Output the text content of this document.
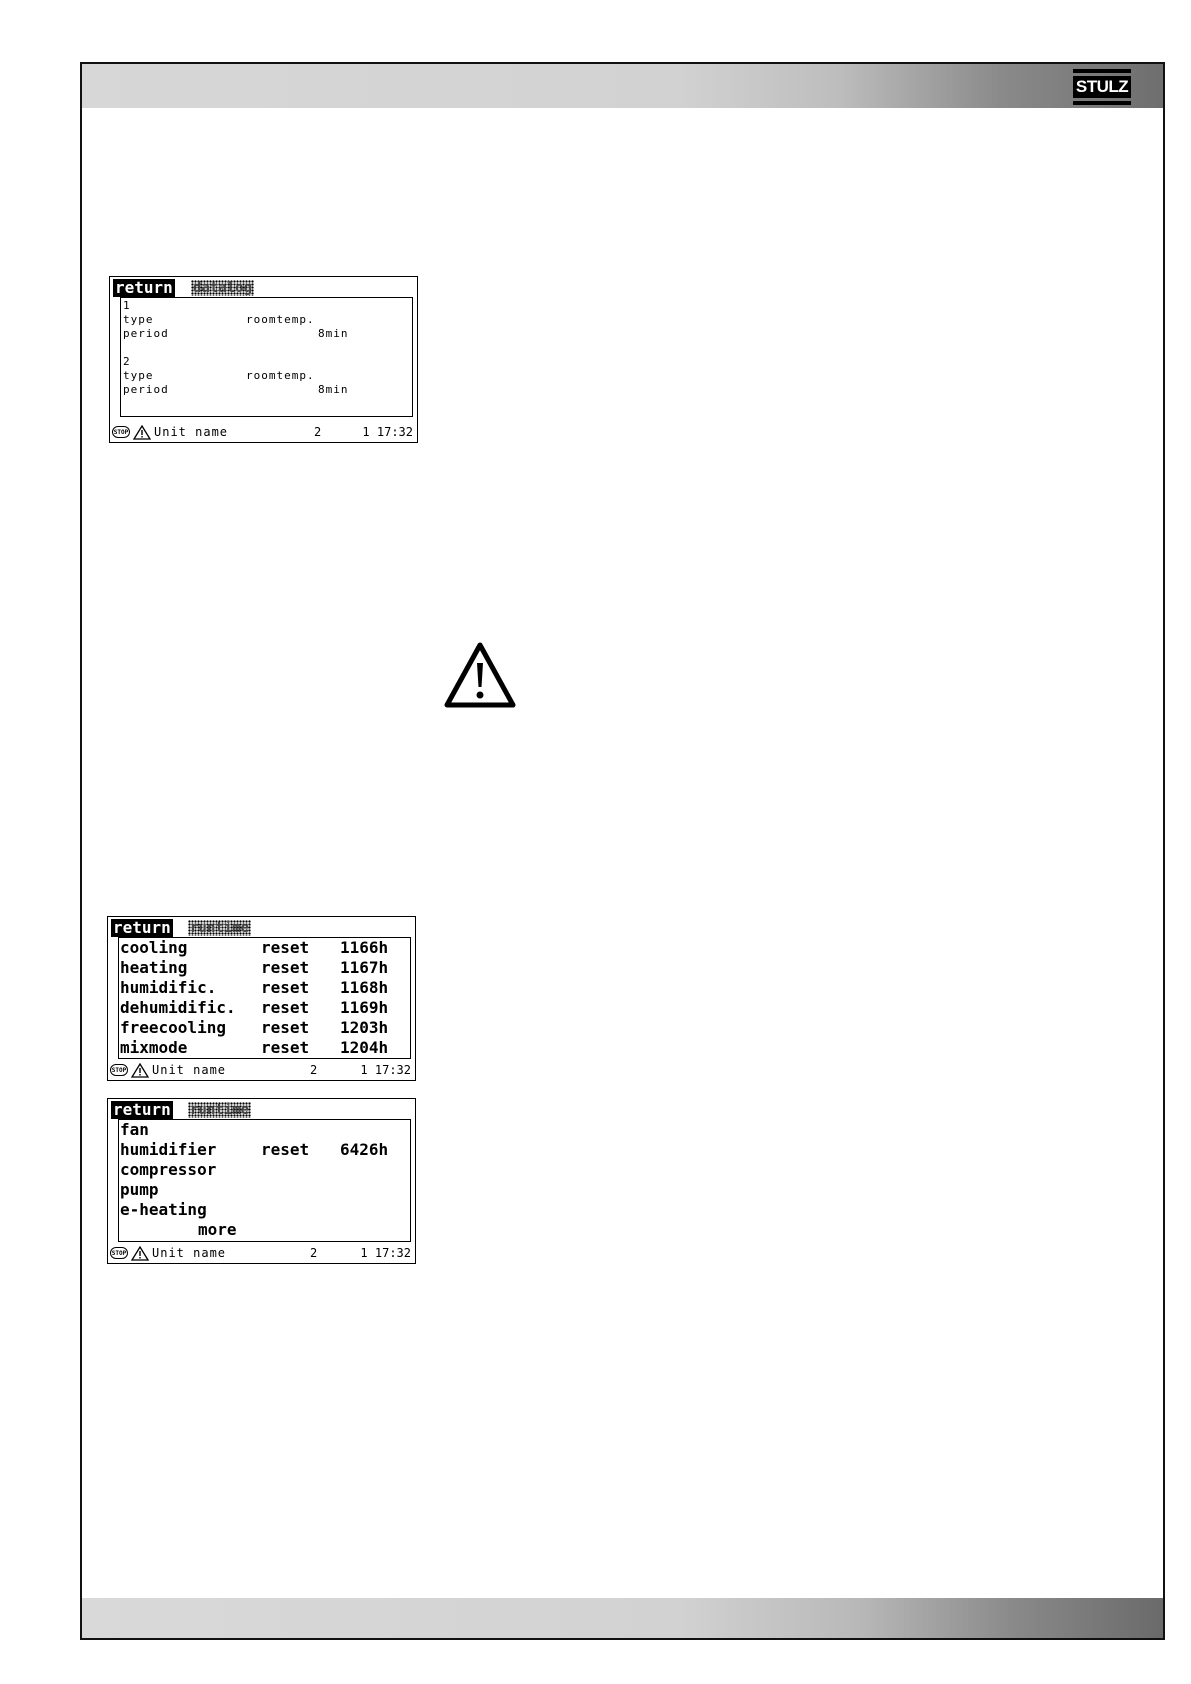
STULZ
return datalog
1
type	roomtemp.
period	8min
2
type	roomtemp.
period	8min
STOP Unit name	2	1 17:32
return runtime
cooling	reset 1166h
heating	reset 1167h
humidific.	reset 1168h
dehumidific. reset 1169h
freecooling reset 1203h
mixmode	reset 1204h
STOP Unit name	2	1 17:32
return runtime
fan
humidifier	reset 6426h
compressor
pump
e-heating
more
STOP Unit name	2	1 17:32
